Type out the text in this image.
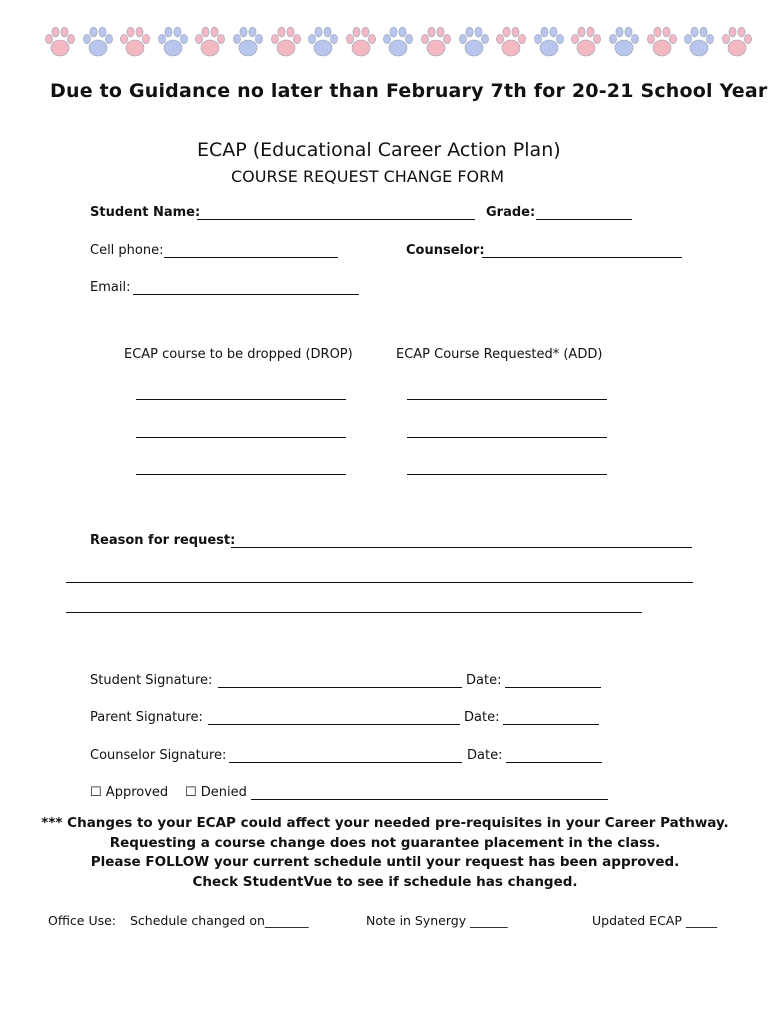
Due to Guidance no later than February 7th for 20-21 School Year
ECAP (Educational Career Action Plan)
COURSE REQUEST CHANGE FORM
Student Name:	Grade:
Cell phone:	Counselor:
Email:
ECAP course to be dropped (DROP)	ECAP Course Requested* (ADD)
Reason for request:
Student Signature:	Date:
Parent Signature:	Date:
Counselor Signature:	Date:
☐ Approved ☐ Denied
*** Changes to your ECAP could affect your needed pre-requisites in your Career Pathway.
Requesting a course change does not guarantee placement in the class.
Please FOLLOW your current schedule until your request has been approved.
Check StudentVue to see if schedule has changed.
Office Use: Schedule changed on_______	Note in Synergy ______	Updated ECAP _____
